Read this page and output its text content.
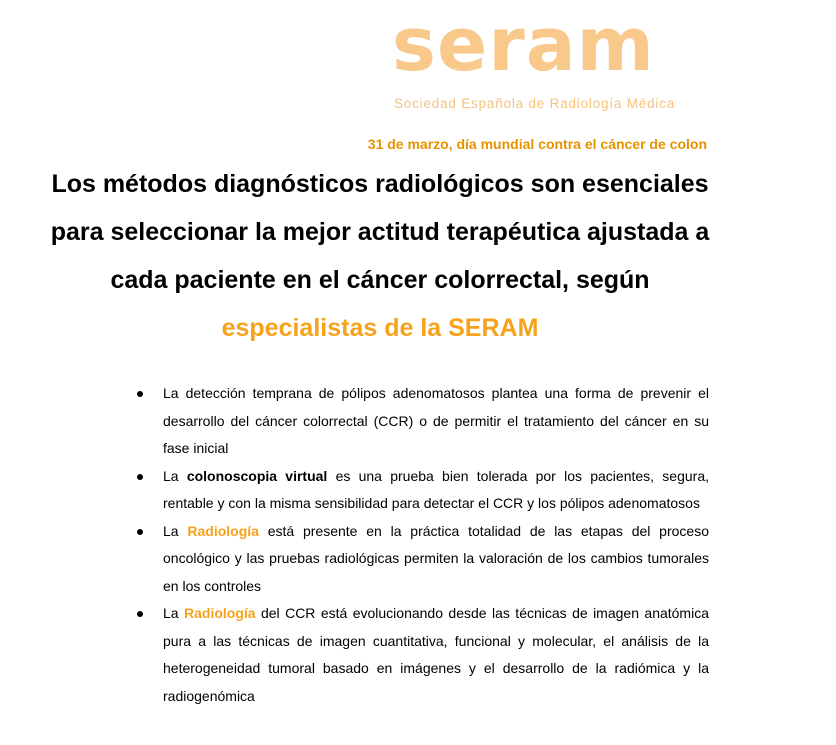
seram
Sociedad Española de Radiología Médica
31 de marzo, día mundial contra el cáncer de colon
Los métodos diagnósticos radiológicos son esenciales para seleccionar la mejor actitud terapéutica ajustada a cada paciente en el cáncer colorrectal, según especialistas de la SERAM
La detección temprana de pólipos adenomatosos plantea una forma de prevenir el desarrollo del cáncer colorrectal (CCR) o de permitir el tratamiento del cáncer en su fase inicial
La colonoscopia virtual es una prueba bien tolerada por los pacientes, segura, rentable y con la misma sensibilidad para detectar el CCR y los pólipos adenomatosos
La Radiología está presente en la práctica totalidad de las etapas del proceso oncológico y las pruebas radiológicas permiten la valoración de los cambios tumorales en los controles
La Radiología del CCR está evolucionando desde las técnicas de imagen anatómica pura a las técnicas de imagen cuantitativa, funcional y molecular, el análisis de la heterogeneidad tumoral basado en imágenes y el desarrollo de la radiómica y la radiogenómica
